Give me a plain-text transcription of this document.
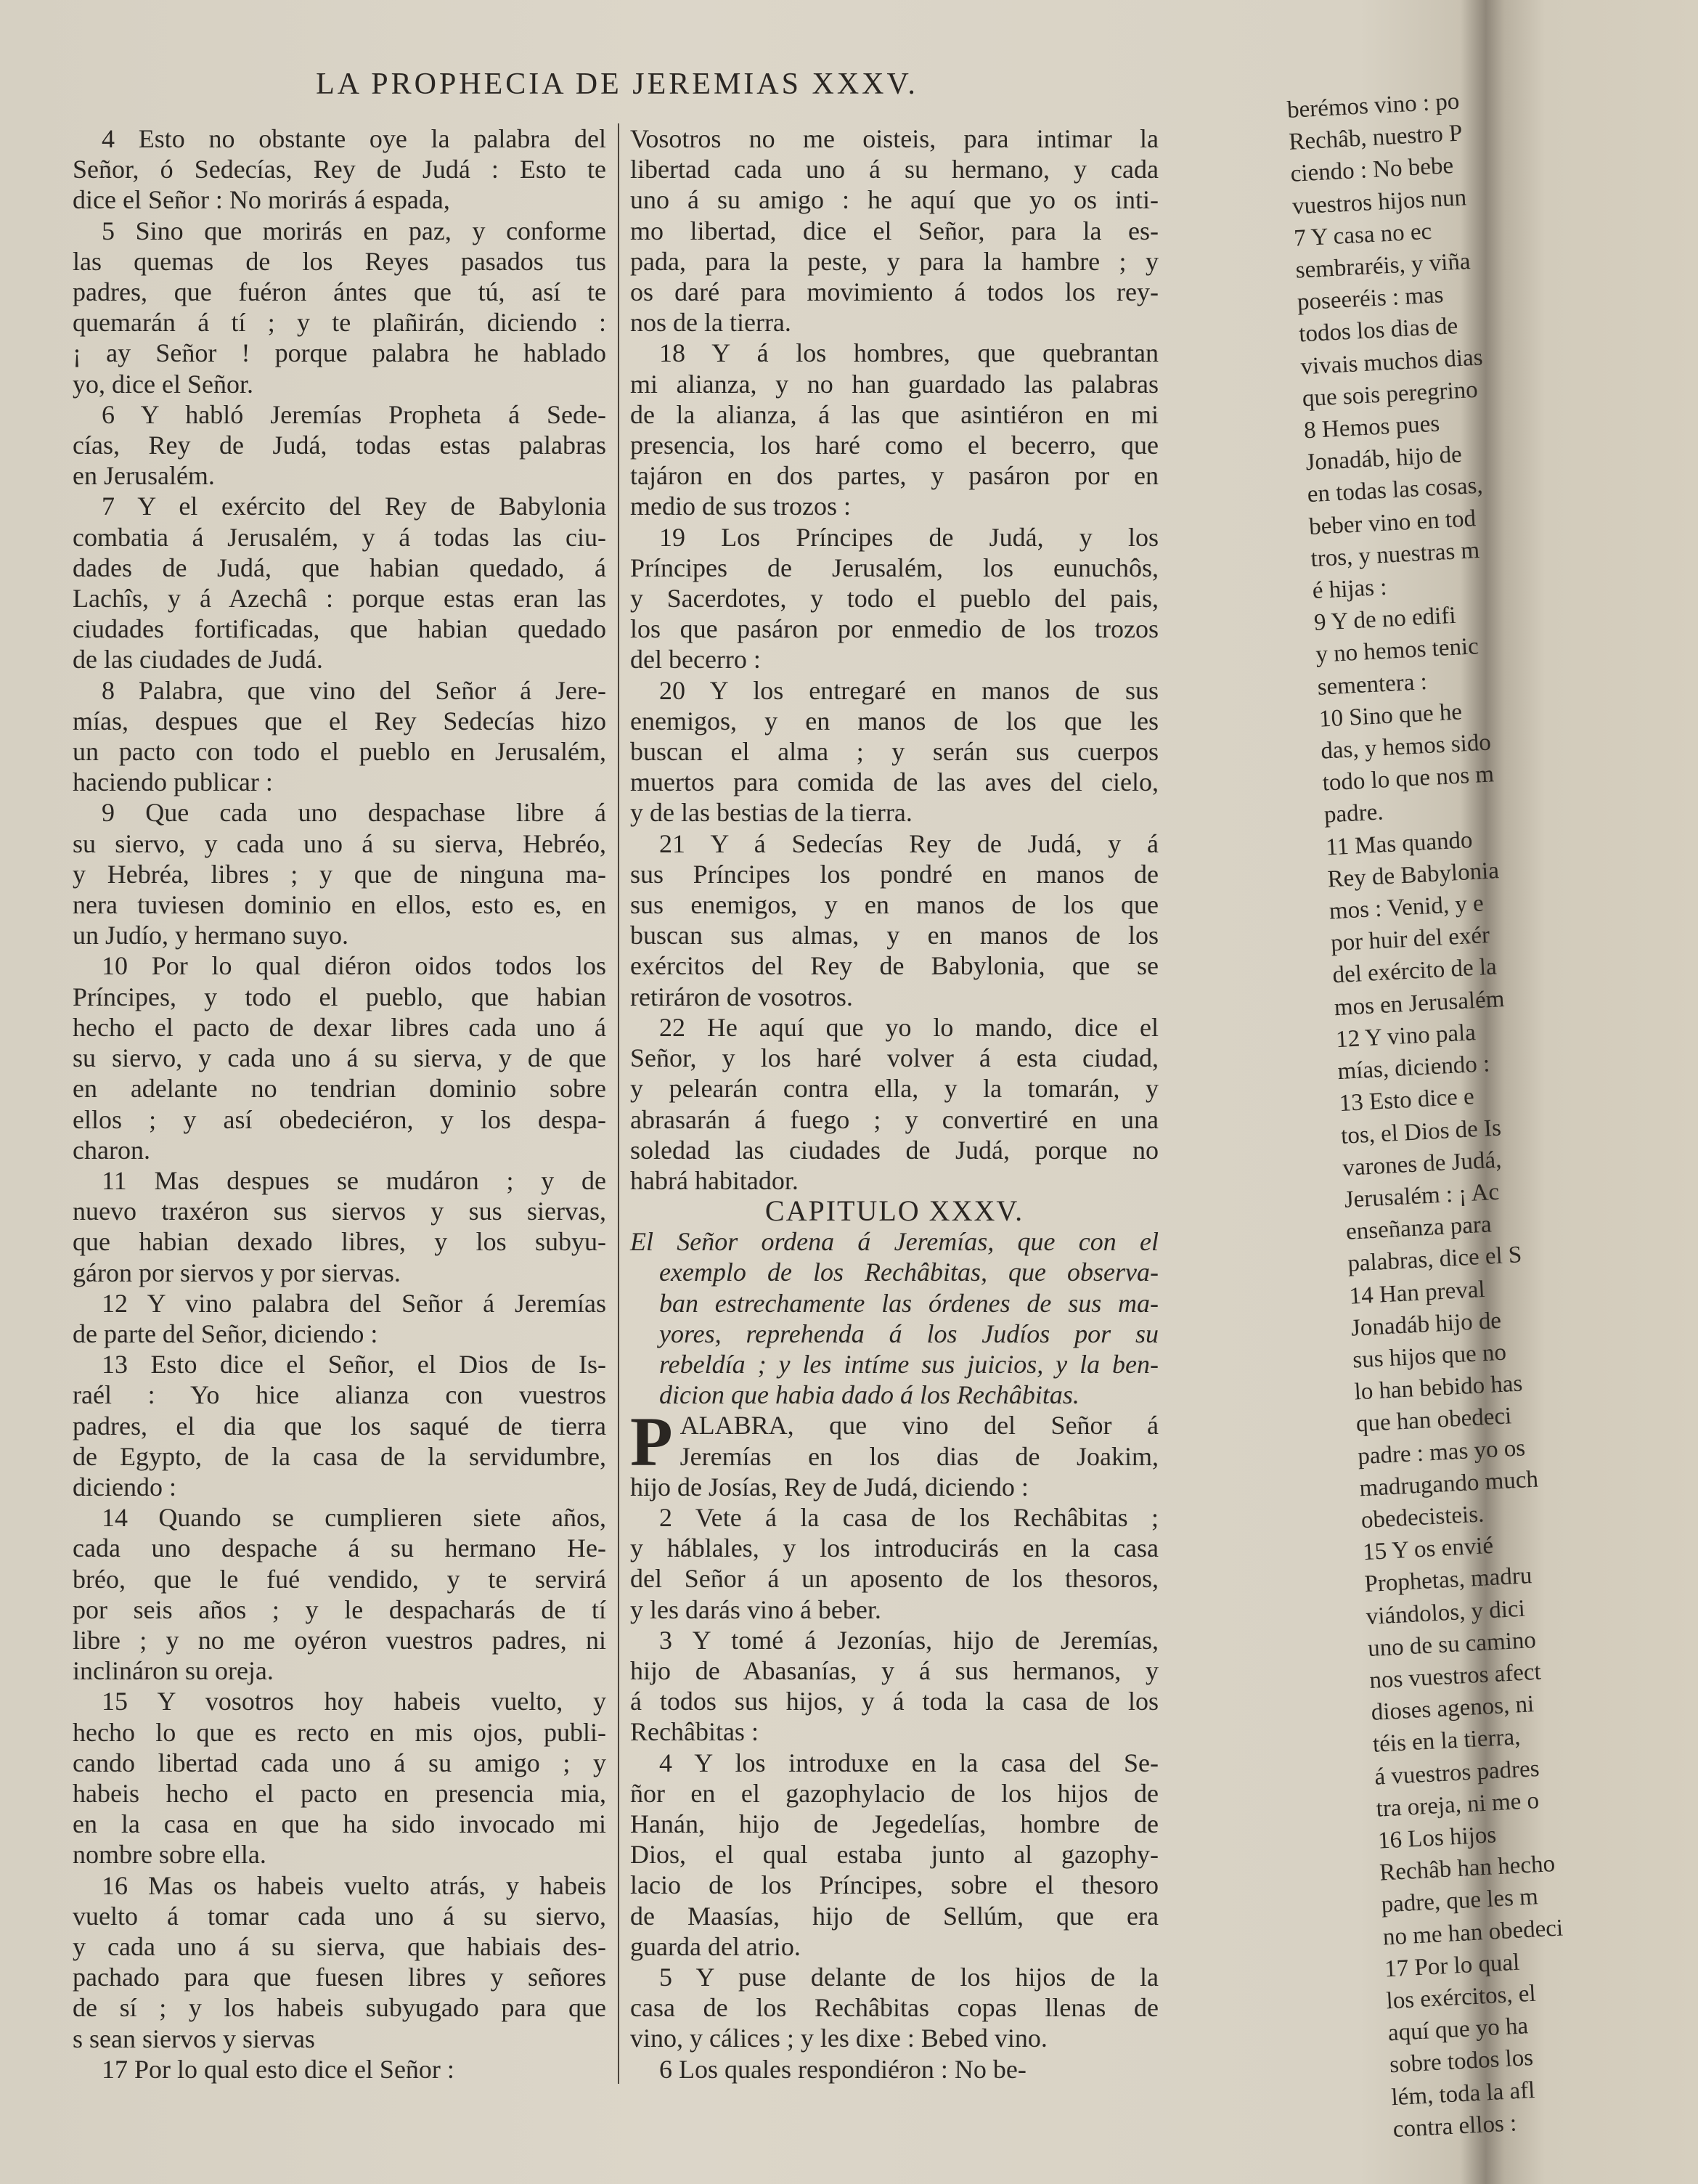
LA PROPHECIA DE JEREMIAS XXXV.
4 Esto no obstante oye la palabra del
Señor, ó Sedecías, Rey de Judá : Esto te
dice el Señor : No morirás á espada,
5 Sino que morirás en paz, y conforme
las quemas de los Reyes pasados tus
padres, que fuéron ántes que tú, así te
quemarán á tí ; y te plañirán, diciendo :
¡ ay Señor ! porque palabra he hablado
yo, dice el Señor.
6 Y habló Jeremías Propheta á Sede-
cías, Rey de Judá, todas estas palabras
en Jerusalém.
7 Y el exército del Rey de Babylonia
combatia á Jerusalém, y á todas las ciu-
dades de Judá, que habian quedado, á
Lachîs, y á Azechâ : porque estas eran las
ciudades fortificadas, que habian quedado
de las ciudades de Judá.
8 Palabra, que vino del Señor á Jere-
mías, despues que el Rey Sedecías hizo
un pacto con todo el pueblo en Jerusalém,
haciendo publicar :
9 Que cada uno despachase libre á
su siervo, y cada uno á su sierva, Hebréo,
y Hebréa, libres ; y que de ninguna ma-
nera tuviesen dominio en ellos, esto es, en
un Judío, y hermano suyo.
10 Por lo qual diéron oidos todos los
Príncipes, y todo el pueblo, que habian
hecho el pacto de dexar libres cada uno á
su siervo, y cada uno á su sierva, y de que
en adelante no tendrian dominio sobre
ellos ; y así obedeciéron, y los despa-
charon.
11 Mas despues se mudáron ; y de
nuevo traxéron sus siervos y sus siervas,
que habian dexado libres, y los subyu-
gáron por siervos y por siervas.
12 Y vino palabra del Señor á Jeremías
de parte del Señor, diciendo :
13 Esto dice el Señor, el Dios de Is-
raél : Yo hice alianza con vuestros
padres, el dia que los saqué de tierra
de Egypto, de la casa de la servidumbre,
diciendo :
14 Quando se cumplieren siete años,
cada uno despache á su hermano He-
bréo, que le fué vendido, y te servirá
por seis años ; y le despacharás de tí
libre ; y no me oyéron vuestros padres, ni
inclináron su oreja.
15 Y vosotros hoy habeis vuelto, y
hecho lo que es recto en mis ojos, publi-
cando libertad cada uno á su amigo ; y
habeis hecho el pacto en presencia mia,
en la casa en que ha sido invocado mi
nombre sobre ella.
16 Mas os habeis vuelto atrás, y habeis
vuelto á tomar cada uno á su siervo,
y cada uno á su sierva, que habiais des-
pachado para que fuesen libres y señores
de sí ; y los habeis subyugado para que
s sean siervos y siervas
17 Por lo qual esto dice el Señor :
Vosotros no me oisteis, para intimar la
libertad cada uno á su hermano, y cada
uno á su amigo : he aquí que yo os inti-
mo libertad, dice el Señor, para la es-
pada, para la peste, y para la hambre ; y
os daré para movimiento á todos los rey-
nos de la tierra.
18 Y á los hombres, que quebrantan
mi alianza, y no han guardado las palabras
de la alianza, á las que asintiéron en mi
presencia, los haré como el becerro, que
tajáron en dos partes, y pasáron por en
medio de sus trozos :
19 Los Príncipes de Judá, y los
Príncipes de Jerusalém, los eunuchôs,
y Sacerdotes, y todo el pueblo del pais,
los que pasáron por enmedio de los trozos
del becerro :
20 Y los entregaré en manos de sus
enemigos, y en manos de los que les
buscan el alma ; y serán sus cuerpos
muertos para comida de las aves del cielo,
y de las bestias de la tierra.
21 Y á Sedecías Rey de Judá, y á
sus Príncipes los pondré en manos de
sus enemigos, y en manos de los que
buscan sus almas, y en manos de los
exércitos del Rey de Babylonia, que se
retiráron de vosotros.
22 He aquí que yo lo mando, dice el
Señor, y los haré volver á esta ciudad,
y pelearán contra ella, y la tomarán, y
abrasarán á fuego ; y convertiré en una
soledad las ciudades de Judá, porque no
habrá habitador.
CAPITULO XXXV.
El Señor ordena á Jeremías, que con el
exemplo de los Rechâbitas, que observa-
ban estrechamente las órdenes de sus ma-
yores, reprehenda á los Judíos por su
rebeldía ; y les intíme sus juicios, y la ben-
dicion que habia dado á los Rechâbitas.
P ALABRA, que vino del Señor á
Jeremías en los dias de Joakim,
hijo de Josías, Rey de Judá, diciendo :
2 Vete á la casa de los Rechâbitas ;
y háblales, y los introducirás en la casa
del Señor á un aposento de los thesoros,
y les darás vino á beber.
3 Y tomé á Jezonías, hijo de Jeremías,
hijo de Abasanías, y á sus hermanos, y
á todos sus hijos, y á toda la casa de los
Rechâbitas :
4 Y los introduxe en la casa del Se-
ñor en el gazophylacio de los hijos de
Hanán, hijo de Jegedelías, hombre de
Dios, el qual estaba junto al gazophy-
lacio de los Príncipes, sobre el thesoro
de Maasías, hijo de Sellúm, que era
guarda del atrio.
5 Y puse delante de los hijos de la
casa de los Rechâbitas copas llenas de
vino, y cálices ; y les dixe : Bebed vino.
6 Los quales respondiéron : No be-
berémos vino : po
Rechâb, nuestro P
ciendo : No bebe
vuestros hijos nun
7 Y casa no ec
sembraréis, y viña
poseeréis : mas
todos los dias de
vivais muchos dias
que sois peregrino
8 Hemos pues
Jonadáb, hijo de
en todas las cosas,
beber vino en tod
tros, y nuestras m
é hijas :
9 Y de no edifi
y no hemos tenic
sementera :
10 Sino que he
das, y hemos sido
todo lo que nos m
padre.
11 Mas quando
Rey de Babylonia
mos : Venid, y e
por huir del exér
del exército de la
mos en Jerusalém
12 Y vino pala
mías, diciendo :
13 Esto dice e
tos, el Dios de Is
varones de Judá,
Jerusalém : ¡ Ac
enseñanza para
palabras, dice el S
14 Han preval
Jonadáb hijo de
sus hijos que no
lo han bebido has
que han obedeci
padre : mas yo os
madrugando much
obedecisteis.
15 Y os envié
Prophetas, madru
viándolos, y dici
uno de su camino
nos vuestros afect
dioses agenos, ni
téis en la tierra,
á vuestros padres
tra oreja, ni me o
16 Los hijos
Rechâb han hecho
padre, que les m
no me han obedeci
17 Por lo qual
los exércitos, el
aquí que yo ha
sobre todos los
lém, toda la afl
contra ellos :
